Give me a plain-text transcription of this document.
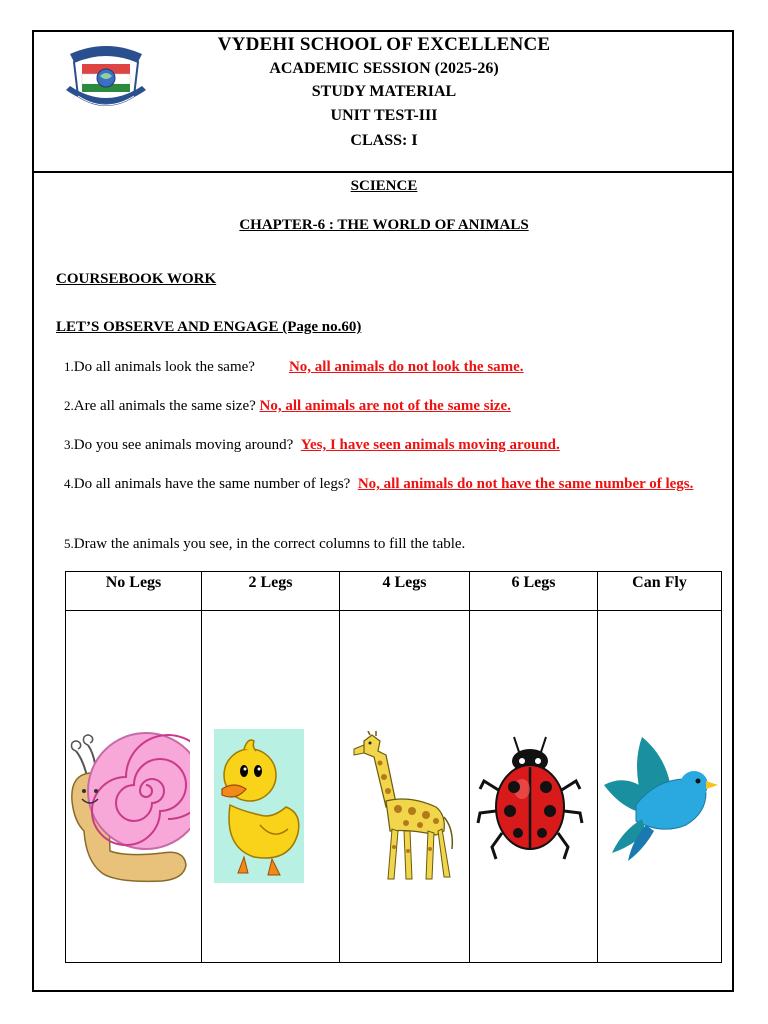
VYDEHI SCHOOL OF EXCELLENCE
ACADEMIC SESSION (2025-26)
STUDY MATERIAL
UNIT TEST-III
CLASS: I
SCIENCE
CHAPTER-6 : THE WORLD OF ANIMALS
COURSEBOOK WORK
LET’S OBSERVE AND ENGAGE (Page no.60)
1.Do all animals look the same? No, all animals do not look the same.
2.Are all animals the same size? No, all animals are not of the same size.
3.Do you see animals moving around? Yes, I have seen animals moving around.
4.Do all animals have the same number of legs? No, all animals do not have the same number of legs.
5.Draw the animals you see, in the correct columns to fill the table.
No Legs	2 Legs	4 Legs	6 Legs	Can Fly
